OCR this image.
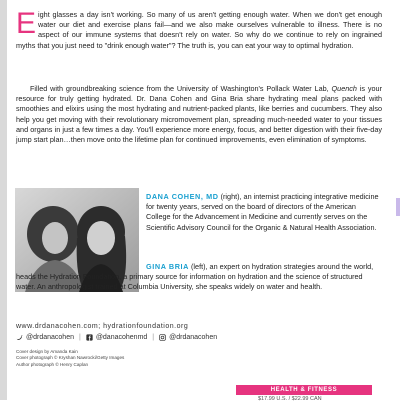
Eight glasses a day isn't working. So many of us aren't getting enough water. When we don't get enough water our diet and exercise plans fail—and we also make ourselves vulnerable to illness. There is no aspect of our immune systems that doesn't rely on water. So why do we continue to rely on ingrained myths that you just need to "drink enough water"? The truth is, you can eat your way to optimal hydration.

Filled with groundbreaking science from the University of Washington's Pollack Water Lab, Quench is your resource for truly getting hydrated. Dr. Dana Cohen and Gina Bria share hydrating meal plans packed with smoothies and elixirs using the most hydrating and nutrient-packed plants, like berries and cucumbers. They also help you get moving with their revolutionary micromovement plan, spreading much-needed water to your tissues and organs in just a few times a day. You'll experience more energy, focus, and better digestion with their five-day jump start plan…then move onto the lifetime plan for continued improvements, even elimination of symptoms.

DANA COHEN, MD (right), an internist practicing integrative medicine for twenty years, served on the board of directors of the American College for the Advancement in Medicine and currently serves on the Scientific Advisory Council for the Organic & Natural Health Association.

GINA BRIA (left), an expert on hydration strategies around the world, heads the Hydration Foundation, a primary source for information on hydration and the science of structured water. An anthropologist trained at Columbia University, she speaks widely on water and health.

www.drdanacohen.com; hydrationfoundation.org

@drdanacohen | @danacohenmd | @drdanacohen

Cover design by Amanda Kain
Cover photograph © Kryshan Nawrocki/Getty Images
Author photograph © Henry Caplan

HEALTH & FITNESS
$17.99 U.S. / $22.99 CAN
